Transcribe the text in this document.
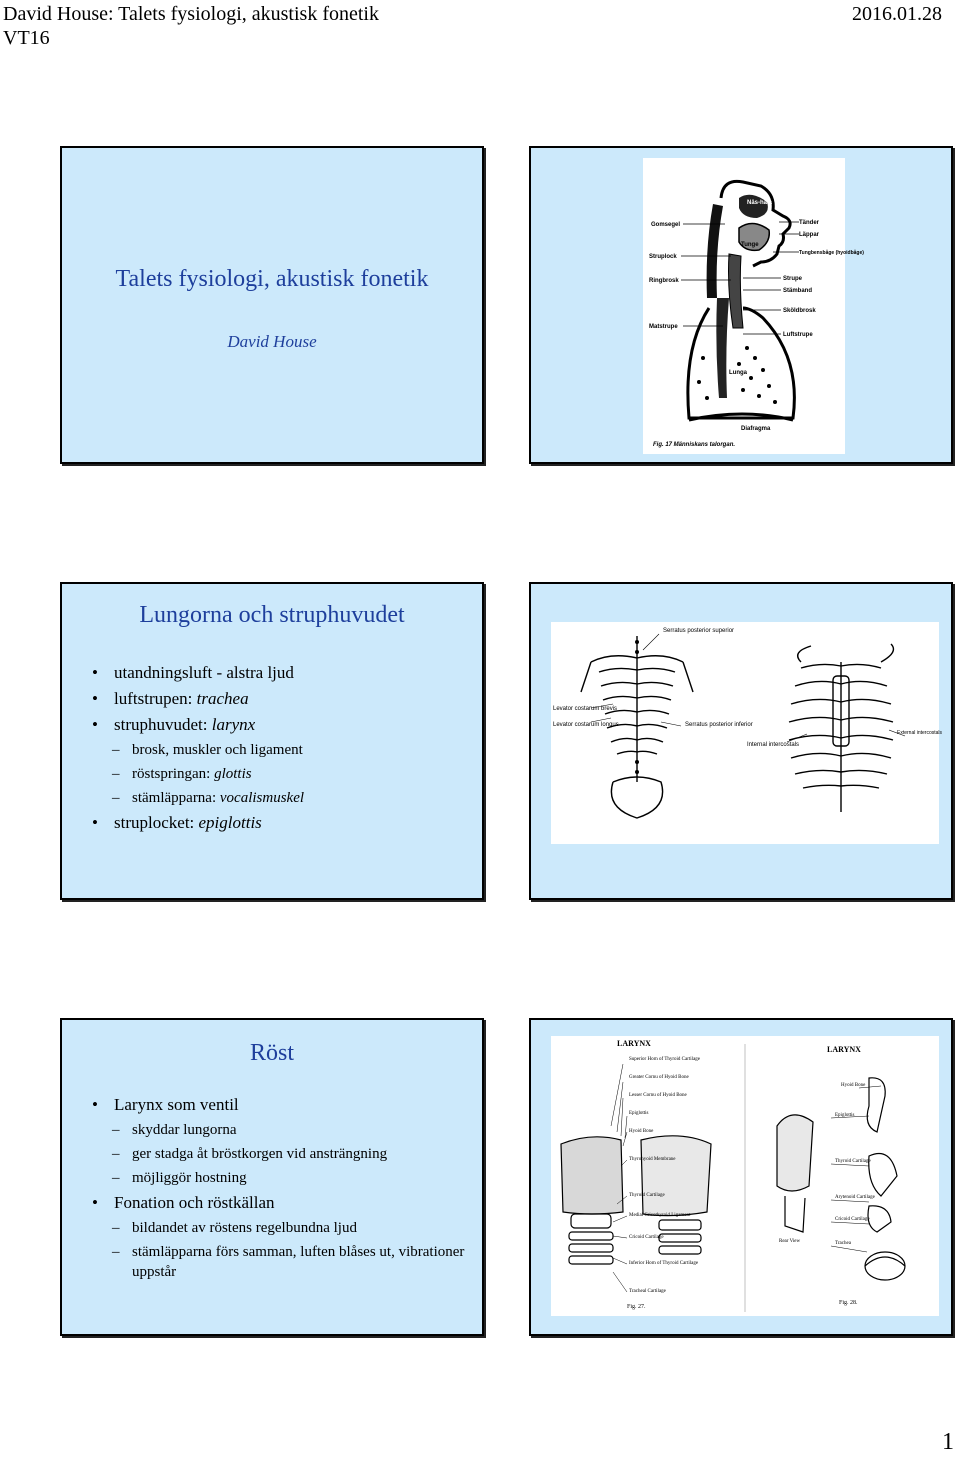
David House: Talets fysiologi, akustisk fonetik	2016.01.28
VT16
Talets fysiologi, akustisk fonetik
David House
Näs-håla
Gomsegel
Tunge
Tänder
Läppar
Struplock
Tungbensbåge (hyoidbåge)
Ringbrosk	Strupe
Stämband
Sköldbrosk
Matstrupe
Luftstrupe
Lunga
Diafragma
Fig. 17 Människans talorgan.
Lungorna och struphuvudet
• utandningsluft - alstra ljud
• luftstrupen: trachea
• struphuvudet: larynx
– brosk, muskler och ligament
– röstspringan: glottis
– stämläpparna: vocalismuskel
• struplocket: epiglottis
Serratus posterior superior
Levator costarum brevis
Levator costarum longus	Serratus posterior inferior
Internal intercostals
External intercostals
Röst
• Larynx som ventil
– skyddar lungorna
– ger stadga åt bröstkorgen vid ansträngning
– möjliggör hostning
• Fonation och röstkällan
– bildandet av röstens regelbundna ljud
– stämläpparna förs samman, luften blåses ut, vibrationer uppstår
LARYNX
LARYNX
Superior Horn of Thyroid Cartilage
Greater Cornu of Hyoid Bone
Lesser Cornu of Hyoid Bone
Epiglottis
Hyoid Bone
Thyrohyoid Membrane
Thyroid Cartilage
Medial Cricothyroid Ligament
Cricoid Cartilage
Inferior Horn of Thyroid Cartilage
Tracheal Cartilage
Fig. 27.
Hyoid Bone
Epiglottis
Thyroid Cartilage
Arytenoid Cartilage
Cricoid Cartilage
Trachea
Rear View
Fig. 28.
1
